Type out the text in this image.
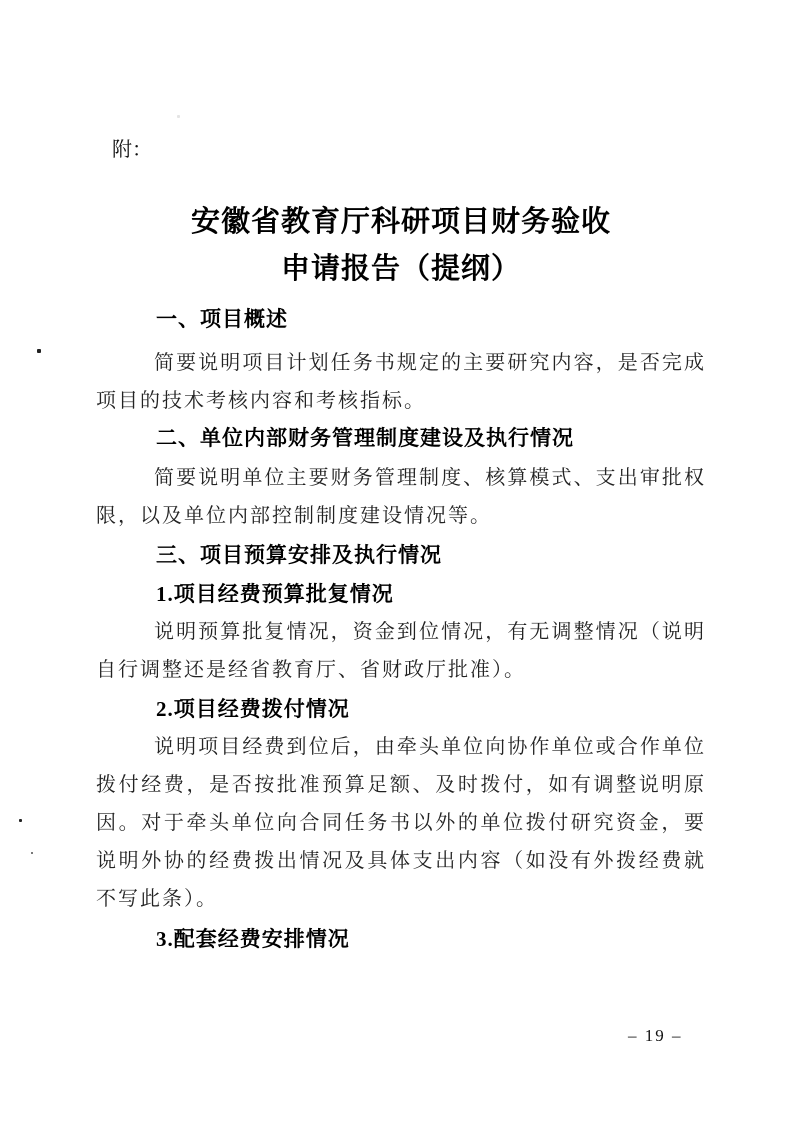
附：
安徽省教育厅科研项目财务验收
申请报告（提纲）
一、项目概述

简要说明项目计划任务书规定的主要研究内容，是否完成项目的技术考核内容和考核指标。

二、单位内部财务管理制度建设及执行情况

简要说明单位主要财务管理制度、核算模式、支出审批权限，以及单位内部控制制度建设情况等。

三、项目预算安排及执行情况
1.项目经费预算批复情况

说明预算批复情况，资金到位情况，有无调整情况（说明自行调整还是经省教育厅、省财政厅批准）。

2.项目经费拨付情况

说明项目经费到位后，由牵头单位向协作单位或合作单位拨付经费，是否按批准预算足额、及时拨付，如有调整说明原因。对于牵头单位向合同任务书以外的单位拨付研究资金，要说明外协的经费拨出情况及具体支出内容（如没有外拨经费就不写此条）。

3.配套经费安排情况
– 19 –
